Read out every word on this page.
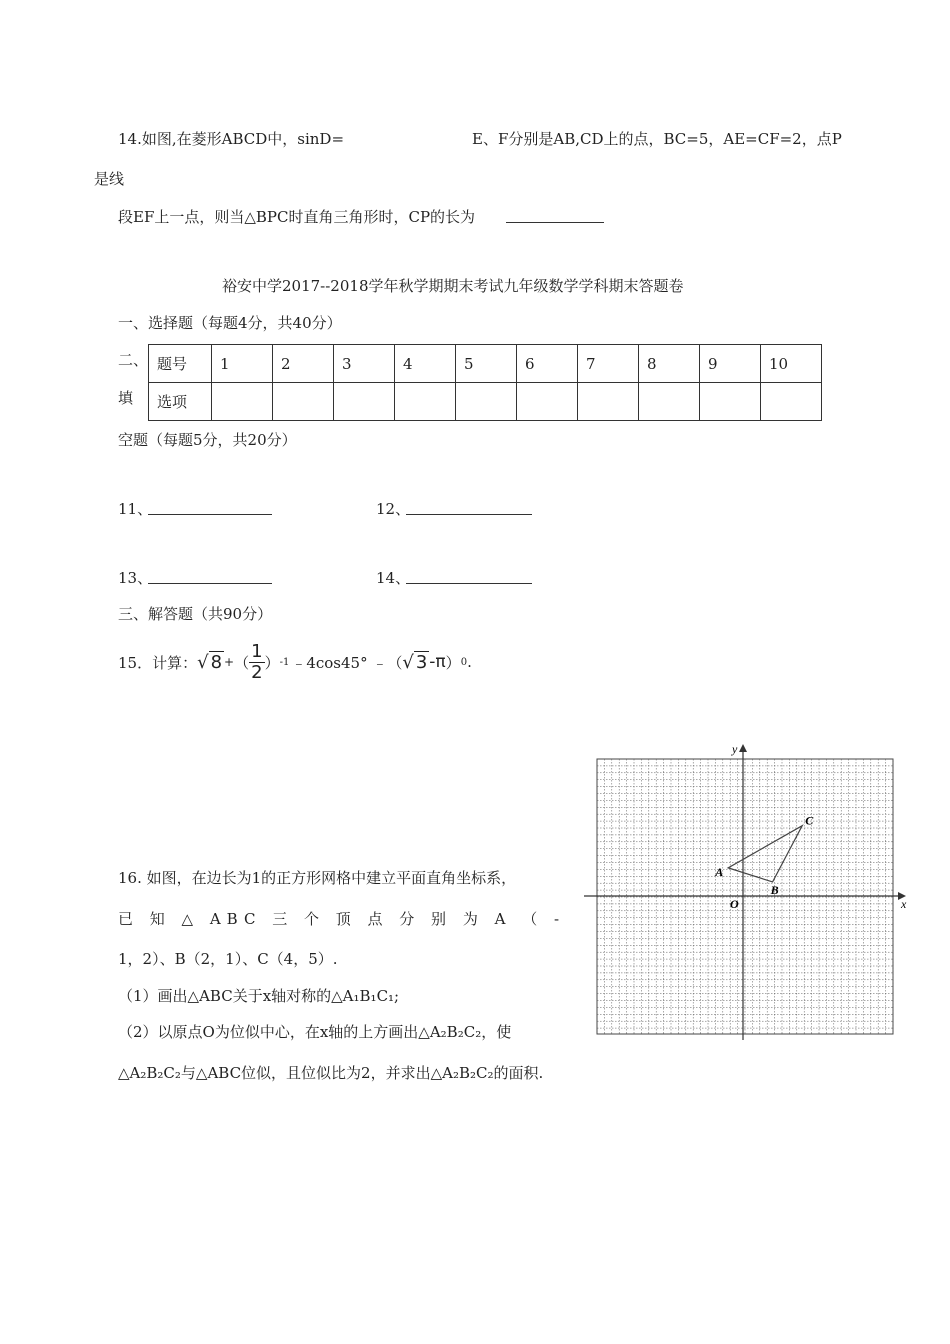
14.如图,在菱形ABCD中，sinD=	E、F分别是AB,CD上的点，BC=5，AE=CF=2，点P
是线
段EF上一点，则当△BPC时直角三角形时，CP的长为
裕安中学2017--2018学年秋学期期末考试九年级数学学科期末答题卷
一、选择题（每题4分，共40分）
二、
填
题号	1	2	3	4	5	6	7	8	9	10
选项										
空题（每题5分，共20分）
11、	12、
13、	14、
三、解答题（共90分）
15．计算： √ 8 + （ $\frac{1}{2}$ ） -1 ﹣4cos45° ﹣（ √ 3 -π ） 0 .
16. 如图，在边长为1的正方形网格中建立平面直角坐标系，
已 知 △ ABC 三 个 顶 点 分 别 为 A （ -
1，2）、B（2，1）、C（4，5）.
（1）画出△ABC关于x轴对称的△A₁B₁C₁;
（2）以原点O为位似中心，在x轴的上方画出△A₂B₂C₂，使
△A₂B₂C₂与△ABC位似，且位似比为2，并求出△A₂B₂C₂的面积.
x
y
O
A
B
C
